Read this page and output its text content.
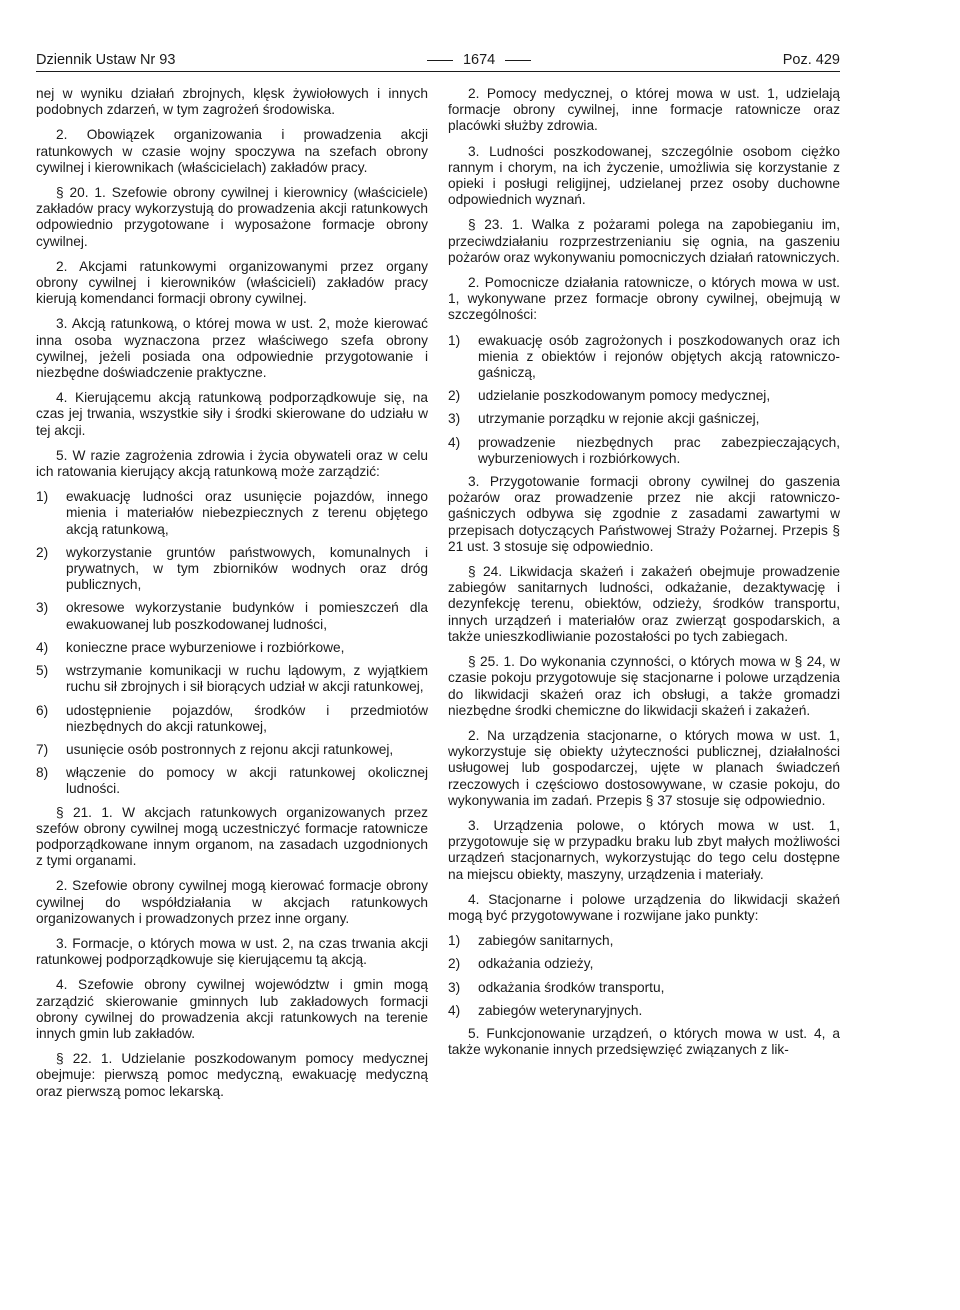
Dziennik Ustaw Nr 93	1674	Poz. 429

nej w wyniku działań zbrojnych, klęsk żywiołowych i innych podobnych zdarzeń, w tym zagrożeń środowiska.

2. Obowiązek organizowania i prowadzenia akcji ratunkowych w czasie wojny spoczywa na szefach obrony cywilnej i kierownikach (właścicielach) zakładów pracy.

§ 20. 1. Szefowie obrony cywilnej i kierownicy (właściciele) zakładów pracy wykorzystują do prowadzenia akcji ratunkowych odpowiednio przygotowane i wyposażone formacje obrony cywilnej.

2. Akcjami ratunkowymi organizowanymi przez organy obrony cywilnej i kierowników (właścicieli) zakładów pracy kierują komendanci formacji obrony cywilnej.

3. Akcją ratunkową, o której mowa w ust. 2, może kierować inna osoba wyznaczona przez właściwego szefa obrony cywilnej, jeżeli posiada ona odpowiednie przygotowanie i niezbędne doświadczenie praktyczne.

4. Kierującemu akcją ratunkową podporządkowuje się, na czas jej trwania, wszystkie siły i środki skierowane do udziału w tej akcji.

5. W razie zagrożenia zdrowia i życia obywateli oraz w celu ich ratowania kierujący akcją ratunkową może zarządzić:

1)	ewakuację ludności oraz usunięcie pojazdów, innego mienia i materiałów niebezpiecznych z terenu objętego akcją ratunkową,
2)	wykorzystanie gruntów państwowych, komunalnych i prywatnych, w tym zbiorników wodnych oraz dróg publicznych,
3)	okresowe wykorzystanie budynków i pomieszczeń dla ewakuowanej lub poszkodowanej ludności,
4)	konieczne prace wyburzeniowe i rozbiórkowe,
5)	wstrzymanie komunikacji w ruchu lądowym, z wyjątkiem ruchu sił zbrojnych i sił biorących udział w akcji ratunkowej,
6)	udostępnienie pojazdów, środków i przedmiotów niezbędnych do akcji ratunkowej,
7)	usunięcie osób postronnych z rejonu akcji ratunkowej,
8)	włączenie do pomocy w akcji ratunkowej okolicznej ludności.

§ 21. 1. W akcjach ratunkowych organizowanych przez szefów obrony cywilnej mogą uczestniczyć formacje ratownicze podporządkowane innym organom, na zasadach uzgodnionych z tymi organami.

2. Szefowie obrony cywilnej mogą kierować formacje obrony cywilnej do współdziałania w akcjach ratunkowych organizowanych i prowadzonych przez inne organy.

3. Formacje, o których mowa w ust. 2, na czas trwania akcji ratunkowej podporządkowuje się kierującemu tą akcją.

4. Szefowie obrony cywilnej województw i gmin mogą zarządzić skierowanie gminnych lub zakładowych formacji obrony cywilnej do prowadzenia akcji ratunkowych na terenie innych gmin lub zakładów.

§ 22. 1. Udzielanie poszkodowanym pomocy medycznej obejmuje: pierwszą pomoc medyczną, ewakuację medyczną oraz pierwszą pomoc lekarską.

2. Pomocy medycznej, o której mowa w ust. 1, udzielają formacje obrony cywilnej, inne formacje ratownicze oraz placówki służby zdrowia.

3. Ludności poszkodowanej, szczególnie osobom ciężko rannym i chorym, na ich życzenie, umożliwia się korzystanie z opieki i posługi religijnej, udzielanej przez osoby duchowne odpowiednich wyznań.

§ 23. 1. Walka z pożarami polega na zapobieganiu im, przeciwdziałaniu rozprzestrzenianiu się ognia, na gaszeniu pożarów oraz wykonywaniu pomocniczych działań ratowniczych.

2. Pomocnicze działania ratownicze, o których mowa w ust. 1, wykonywane przez formacje obrony cywilnej, obejmują w szczególności:

1)	ewakuację osób zagrożonych i poszkodowanych oraz ich mienia z obiektów i rejonów objętych akcją ratowniczo-gaśniczą,
2)	udzielanie poszkodowanym pomocy medycznej,
3)	utrzymanie porządku w rejonie akcji gaśniczej,
4)	prowadzenie niezbędnych prac zabezpieczających, wyburzeniowych i rozbiórkowych.

3. Przygotowanie formacji obrony cywilnej do gaszenia pożarów oraz prowadzenie przez nie akcji ratowniczo-gaśniczych odbywa się zgodnie z zasadami zawartymi w przepisach dotyczących Państwowej Straży Pożarnej. Przepis § 21 ust. 3 stosuje się odpowiednio.

§ 24. Likwidacja skażeń i zakażeń obejmuje prowadzenie zabiegów sanitarnych ludności, odkażanie, dezaktywację i dezynfekcję terenu, obiektów, odzieży, środków transportu, innych urządzeń i materiałów oraz zwierząt gospodarskich, a także unieszkodliwianie pozostałości po tych zabiegach.

§ 25. 1. Do wykonania czynności, o których mowa w § 24, w czasie pokoju przygotowuje się stacjonarne i polowe urządzenia do likwidacji skażeń oraz ich obsługi, a także gromadzi niezbędne środki chemiczne do likwidacji skażeń i zakażeń.

2. Na urządzenia stacjonarne, o których mowa w ust. 1, wykorzystuje się obiekty użyteczności publicznej, działalności usługowej lub gospodarczej, ujęte w planach świadczeń rzeczowych i częściowo dostosowywane, w czasie pokoju, do wykonywania im zadań. Przepis § 37 stosuje się odpowiednio.

3. Urządzenia polowe, o których mowa w ust. 1, przygotowuje się w przypadku braku lub zbyt małych możliwości urządzeń stacjonarnych, wykorzystując do tego celu dostępne na miejscu obiekty, maszyny, urządzenia i materiały.

4. Stacjonarne i polowe urządzenia do likwidacji skażeń mogą być przygotowywane i rozwijane jako punkty:

1)	zabiegów sanitarnych,
2)	odkażania odzieży,
3)	odkażania środków transportu,
4)	zabiegów weterynaryjnych.

5. Funkcjonowanie urządzeń, o których mowa w ust. 4, a także wykonanie innych przedsięwzięć związanych z lik-
